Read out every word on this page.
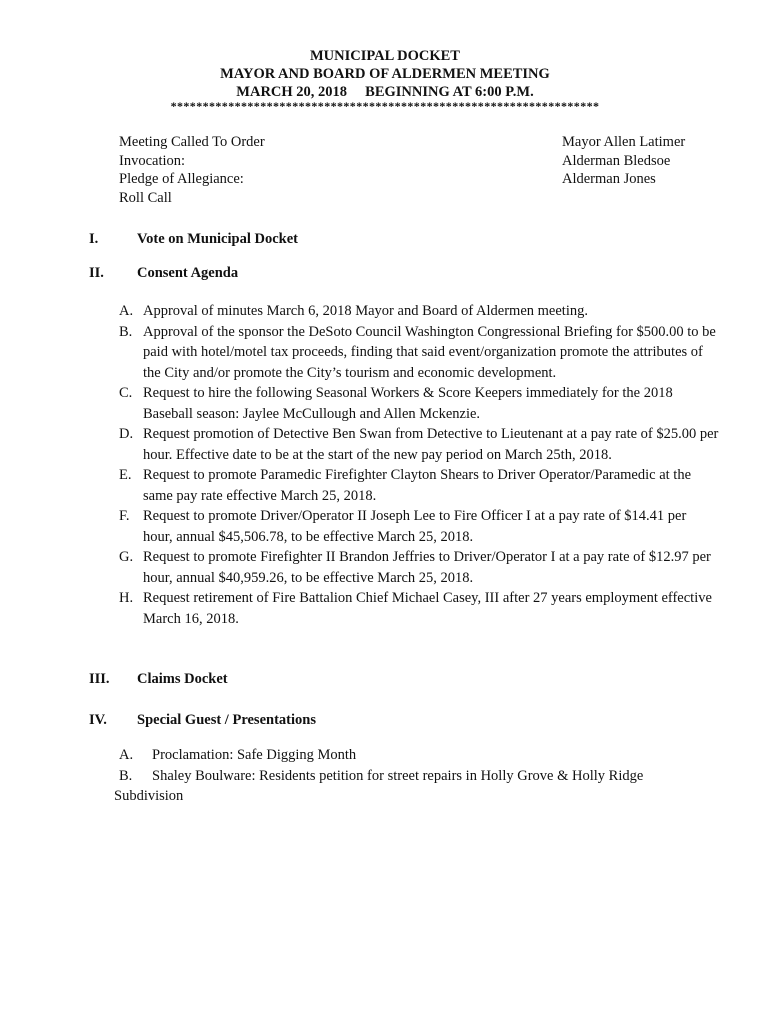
MUNICIPAL DOCKET
MAYOR AND BOARD OF ALDERMEN MEETING
MARCH 20, 2018 BEGINNING AT 6:00 P.M.
*******************************************************************
Meeting Called To Order
Invocation:
Pledge of Allegiance:
Roll Call
Mayor Allen Latimer
Alderman Bledsoe
Alderman Jones
I.	Vote on Municipal Docket
II. Consent Agenda
A. Approval of minutes March 6, 2018 Mayor and Board of Aldermen meeting.
B. Approval of the sponsor the DeSoto Council Washington Congressional Briefing for $500.00 to be paid with hotel/motel tax proceeds, finding that said event/organization promote the attributes of the City and/or promote the City’s tourism and economic development.
C. Request to hire the following Seasonal Workers & Score Keepers immediately for the 2018 Baseball season: Jaylee McCullough and Allen Mckenzie.
D. Request promotion of Detective Ben Swan from Detective to Lieutenant at a pay rate of $25.00 per hour. Effective date to be at the start of the new pay period on March 25th, 2018.
E. Request to promote Paramedic Firefighter Clayton Shears to Driver Operator/Paramedic at the same pay rate effective March 25, 2018.
F. Request to promote Driver/Operator II Joseph Lee to Fire Officer I at a pay rate of $14.41 per hour, annual $45,506.78, to be effective March 25, 2018.
G. Request to promote Firefighter II Brandon Jeffries to Driver/Operator I at a pay rate of $12.97 per hour, annual $40,959.26, to be effective March 25, 2018.
H. Request retirement of Fire Battalion Chief Michael Casey, III after 27 years employment effective March 16, 2018.
III. Claims Docket
IV. Special Guest / Presentations
A. Proclamation: Safe Digging Month
B. Shaley Boulware: Residents petition for street repairs in Holly Grove & Holly Ridge
Subdivision
